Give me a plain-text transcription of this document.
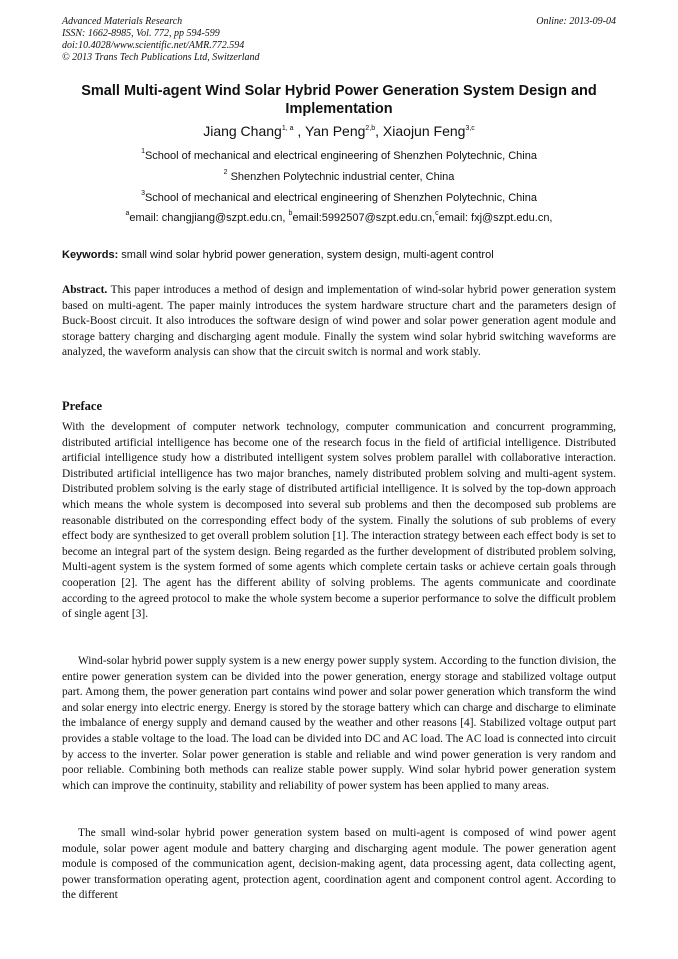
Advanced Materials Research
ISSN: 1662-8985, Vol. 772, pp 594-599
doi:10.4028/www.scientific.net/AMR.772.594
© 2013 Trans Tech Publications Ltd, Switzerland
Online: 2013-09-04
Small Multi-agent Wind Solar Hybrid Power Generation System Design and Implementation
Jiang Chang$^{1, a}$ , Yan Peng$^{2,b}$, Xiaojun Feng$^{3,c}$
$^1$School of mechanical and electrical engineering of Shenzhen Polytechnic, China
$^2$ Shenzhen Polytechnic industrial center, China
$^3$School of mechanical and electrical engineering of Shenzhen Polytechnic, China
$^a$email: changjiang@szpt.edu.cn, $^b$email:5992507@szpt.edu.cn,$^c$email: fxj@szpt.edu.cn,
Keywords: small wind solar hybrid power generation, system design, multi-agent control
Abstract. This paper introduces a method of design and implementation of wind-solar hybrid power generation system based on multi-agent. The paper mainly introduces the system hardware structure chart and the parameters design of Buck-Boost circuit. It also introduces the software design of wind power and solar power generation agent module and storage battery charging and discharging agent module. Finally the system wind solar hybrid switching waveforms are analyzed, the waveform analysis can show that the circuit switch is normal and work stably.
Preface
With the development of computer network technology, computer communication and concurrent programming, distributed artificial intelligence has become one of the research focus in the field of artificial intelligence. Distributed artificial intelligence study how a distributed intelligent system solves problem parallel with collaborative interaction. Distributed artificial intelligence has two major branches, namely distributed problem solving and multi-agent system. Distributed problem solving is the early stage of distributed artificial intelligence. It is solved by the top-down approach which means the whole system is decomposed into several sub problems and then the decomposed sub problems are reasonable distributed on the corresponding effect body of the system. Finally the solutions of sub problems of every effect body are synthesized to get overall problem solution [1]. The interaction strategy between each effect body is set to become an integral part of the system design. Being regarded as the further development of distributed problem solving, Multi-agent system is the system formed of some agents which complete certain tasks or achieve certain goals through cooperation [2]. The agent has the different ability of solving problems. The agents communicate and coordinate according to the agreed protocol to make the whole system become a superior performance to solve the difficult problem of single agent [3].
Wind-solar hybrid power supply system is a new energy power supply system. According to the function division, the entire power generation system can be divided into the power generation, energy storage and stabilized voltage output part. Among them, the power generation part contains wind power and solar power generation which transform the wind and solar energy into electric energy. Energy is stored by the storage battery which can charge and discharge to eliminate the imbalance of energy supply and demand caused by the weather and other reasons [4]. Stabilized voltage output part provides a stable voltage to the load. The load can be divided into DC and AC load. The AC load is connected into circuit by access to the inverter. Solar power generation is stable and reliable and wind power generation is very random and poor reliable. Combining both methods can realize stable power supply. Wind solar hybrid power generation system which can improve the continuity, stability and reliability of power system has been applied to many areas.
The small wind-solar hybrid power generation system based on multi-agent is composed of wind power agent module, solar power agent module and battery charging and discharging agent module. The power generation agent module is composed of the communication agent, decision-making agent, data processing agent, data collecting agent, power transformation operating agent, protection agent, coordination agent and component control agent. According to the different
